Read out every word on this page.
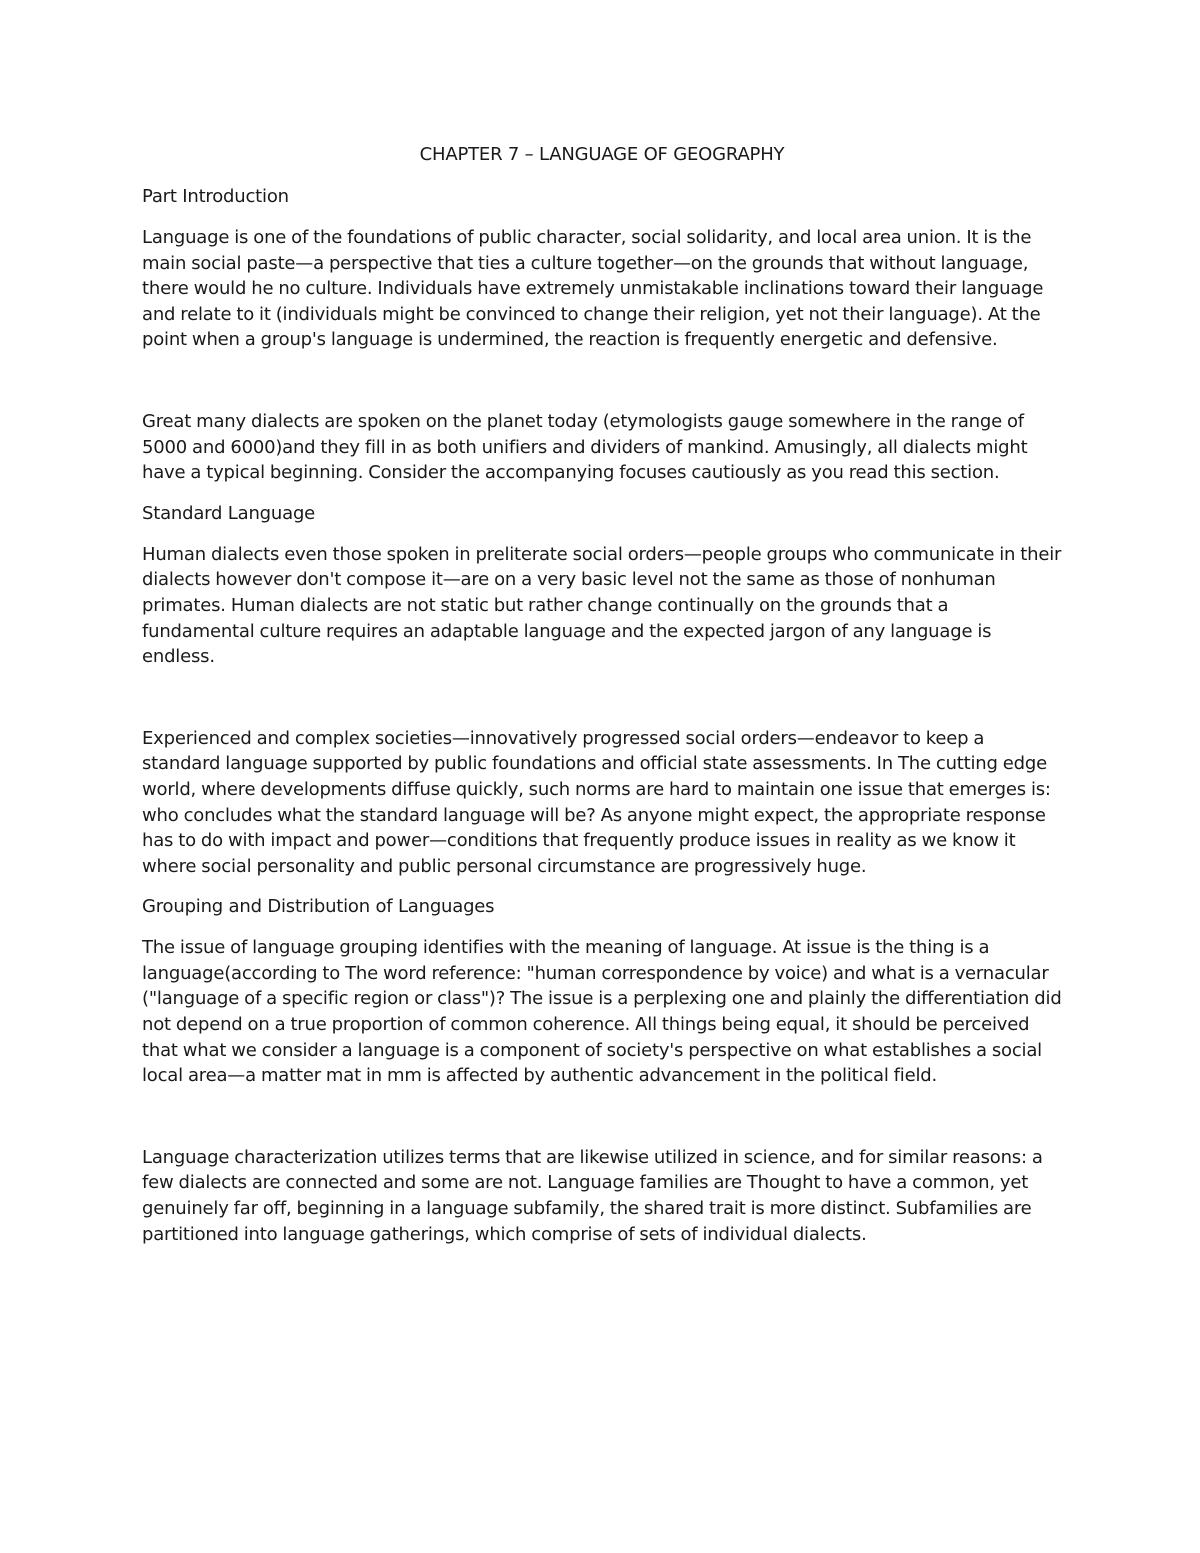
CHAPTER 7 – LANGUAGE OF GEOGRAPHY
Part Introduction
Language is one of the foundations of public character, social solidarity, and local area union. It is the main social paste—a perspective that ties a culture together—on the grounds that without language, there would he no culture. Individuals have extremely unmistakable inclinations toward their language and relate to it (individuals might be convinced to change their religion, yet not their language). At the point when a group's language is undermined, the reaction is frequently energetic and defensive.
Great many dialects are spoken on the planet today (etymologists gauge somewhere in the range of 5000 and 6000)and they fill in as both unifiers and dividers of mankind. Amusingly, all dialects might have a typical beginning. Consider the accompanying focuses cautiously as you read this section.
Standard Language
Human dialects even those spoken in preliterate social orders—people groups who communicate in their dialects however don't compose it—are on a very basic level not the same as those of nonhuman primates. Human dialects are not static but rather change continually on the grounds that a fundamental culture requires an adaptable language and the expected jargon of any language is endless.
Experienced and complex societies—innovatively progressed social orders—endeavor to keep a standard language supported by public foundations and official state assessments. In The cutting edge world, where developments diffuse quickly, such norms are hard to maintain one issue that emerges is: who concludes what the standard language will be? As anyone might expect, the appropriate response has to do with impact and power—conditions that frequently produce issues in reality as we know it where social personality and public personal circumstance are progressively huge.
Grouping and Distribution of Languages
The issue of language grouping identifies with the meaning of language. At issue is the thing is a language(according to The word reference: "human correspondence by voice) and what is a vernacular ("language of a specific region or class")? The issue is a perplexing one and plainly the differentiation did not depend on a true proportion of common coherence. All things being equal, it should be perceived that what we consider a language is a component of society's perspective on what establishes a social local area—a matter mat in mm is affected by authentic advancement in the political field.
Language characterization utilizes terms that are likewise utilized in science, and for similar reasons: a few dialects are connected and some are not. Language families are Thought to have a common, yet genuinely far off, beginning in a language subfamily, the shared trait is more distinct. Subfamilies are partitioned into language gatherings, which comprise of sets of individual dialects.
